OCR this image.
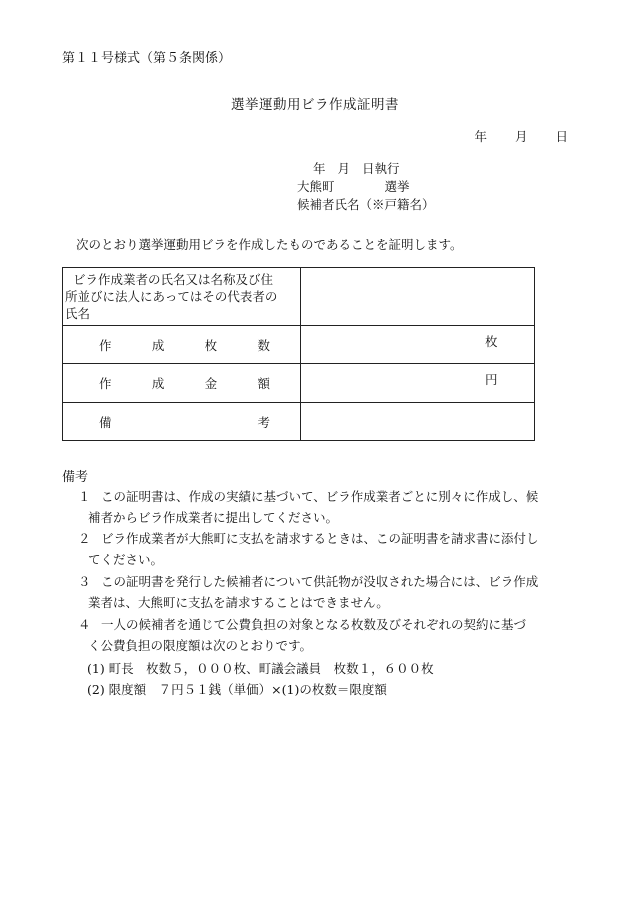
第１１号様式（第５条関係）
選挙運動用ビラ作成証明書
年 月 日
年 月 日執行
大熊町	選挙
候補者氏名（※戸籍名）
次のとおり選挙運動用ビラを作成したものであることを証明します。
ビラ作成業者の氏名又は名称及び住
所並びに法人にあってはその代表者の
氏名	

作 成 枚 数	枚

作 成 金 額	円

備 考	

備考
１ この証明書は、作成の実績に基づいて、ビラ作成業者ごとに別々に作成し、候
補者からビラ作成業者に提出してください。
２ ビラ作成業者が大熊町に支払を請求するときは、この証明書を請求書に添付し
てください。
３ この証明書を発行した候補者について供託物が没収された場合には、ビラ作成
業者は、大熊町に支払を請求することはできません。
４ 一人の候補者を通じて公費負担の対象となる枚数及びそれぞれの契約に基づ
く公費負担の限度額は次のとおりです。
(1) 町長　枚数５，０００枚、町議会議員　枚数１，６００枚
(2) 限度額　７円５１銭（単価）×(1)の枚数＝限度額
